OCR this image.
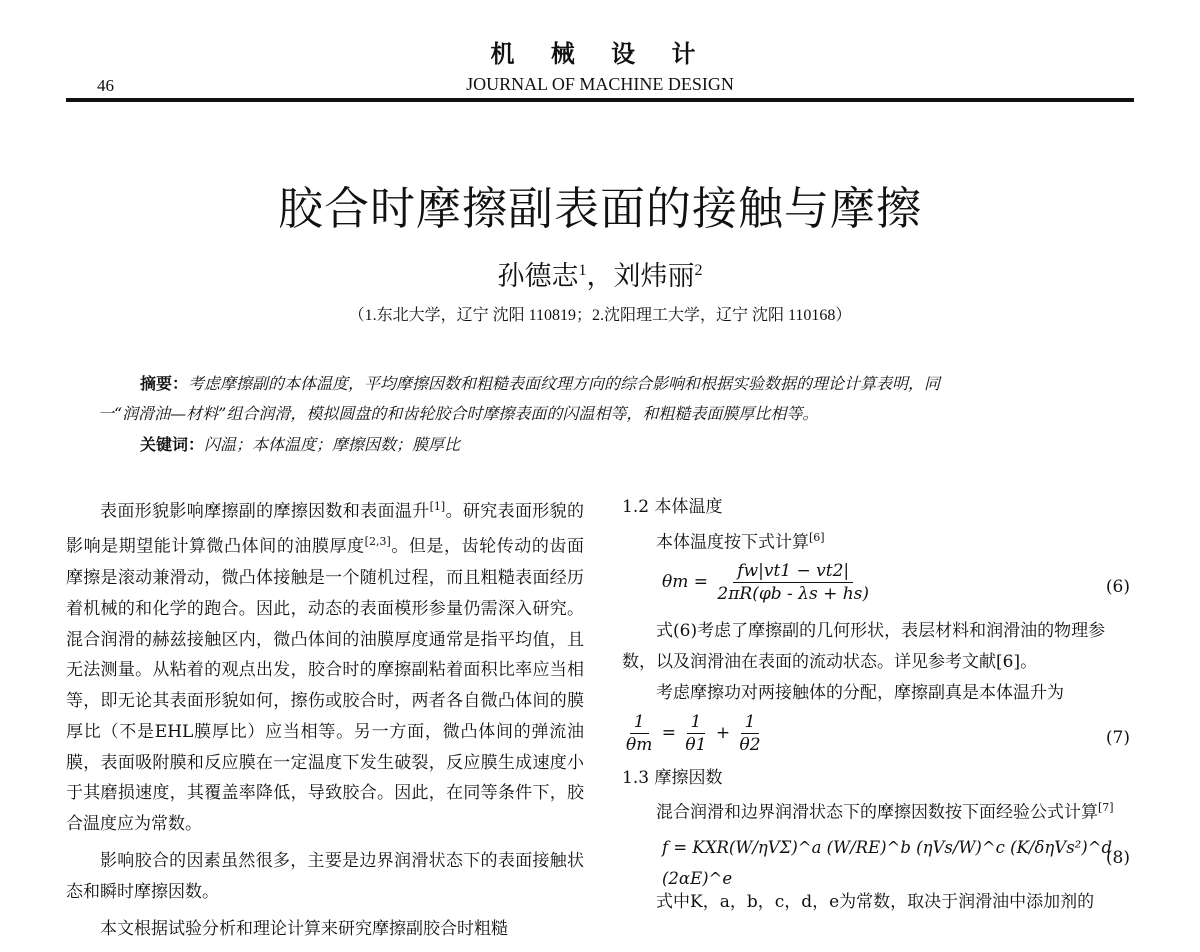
机 械 设 计
46	JOURNAL OF MACHINE DESIGN
胶合时摩擦副表面的接触与摩擦
孙德志$^1$，刘炜丽$^2$
（1.东北大学，辽宁 沈阳 110819；2.沈阳理工大学，辽宁 沈阳 110168）
摘要：考虑摩擦副的本体温度，平均摩擦因数和粗糙表面纹理方向的综合影响和根据实验数据的理论计算表明，同
一“润滑油—材料”组合润滑，模拟圆盘的和齿轮胶合时摩擦表面的闪温相等，和粗糙表面膜厚比相等。
关键词：闪温；本体温度；摩擦因数；膜厚比

表面形貌影响摩擦副的摩擦因数和表面温升[1]。研究表面形貌的影响是期望能计算微凸体间的油膜厚度[2,3]。但是，齿轮传动的齿面摩擦是滚动兼滑动，微凸体接触是一个随机过程，而且粗糙表面经历着机械的和化学的跑合。因此，动态的表面模形参量仍需深入研究。混合润滑的赫兹接触区内，微凸体间的油膜厚度通常是指平均值，且无法测量。从粘着的观点出发，胶合时的摩擦副粘着面积比率应当相等，即无论其表面形貌如何，擦伤或胶合时，两者各自微凸体间的膜厚比（不是EHL膜厚比）应当相等。另一方面，微凸体间的弹流油膜，表面吸附膜和反应膜在一定温度下发生破裂，反应膜生成速度小于其磨损速度，其覆盖率降低，导致胶合。因此，在同等条件下，胶合温度应为常数。

影响胶合的因素虽然很多，主要是边界润滑状态下的表面接触状态和瞬时摩擦因数。

本文根据试验分析和理论计算来研究摩擦副胶合时粗糙

1.2 本体温度
本体温度按下式计算[6]
$\theta m = \frac{fw|vt1 - vt2|}{2\pi R(\varphi b - \lambda s + hs)}$	(6)
式(6)考虑了摩擦副的几何形状，表层材料和润滑油的物理参数，以及润滑油在表面的流动状态。详见参考文献[6]。
考虑摩擦功对两接触体的分配，摩擦副真是本体温升为
$\frac{1}{\theta m} = \frac{1}{\theta 1} + \frac{1}{\theta 2}$	(7)
1.3 摩擦因数
混合润滑和边界润滑状态下的摩擦因数按下面经验公式计算[7]
f = KXR(W/ηVΣ)^a (W/RE)^b (ηVs/W)^c (K/δηVs²)^d (2αE)^e
(8)
式中K，a，b，c，d，e为常数，取决于润滑油中添加剂的
